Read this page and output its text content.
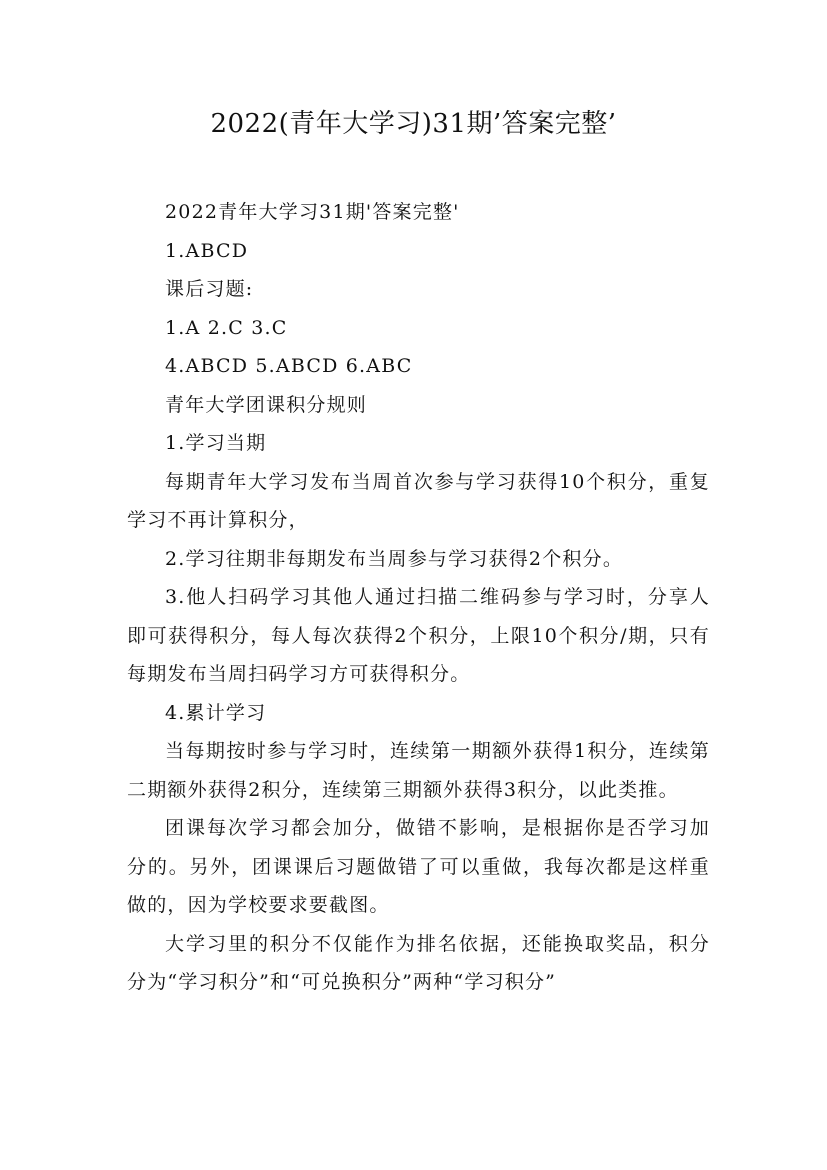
2022(青年大学习)31期’答案完整’

2022青年大学习31期'答案完整'

1.ABCD

课后习题:

1.A 2.C 3.C

4.ABCD 5.ABCD 6.ABC

青年大学团课积分规则

1.学习当期

每期青年大学习发布当周首次参与学习获得10个积分，重复学习不再计算积分，

2.学习往期非每期发布当周参与学习获得2个积分。

3.他人扫码学习其他人通过扫描二维码参与学习时，分享人即可获得积分，每人每次获得2个积分，上限10个积分/期，只有每期发布当周扫码学习方可获得积分。

4.累计学习

当每期按时参与学习时，连续第一期额外获得1积分，连续第二期额外获得2积分，连续第三期额外获得3积分，以此类推。

团课每次学习都会加分，做错不影响，是根据你是否学习加分的。另外，团课课后习题做错了可以重做，我每次都是这样重做的，因为学校要求要截图。

大学习里的积分不仅能作为排名依据，还能换取奖品，积分分为“学习积分”和“可兑换积分”两种“学习积分”
